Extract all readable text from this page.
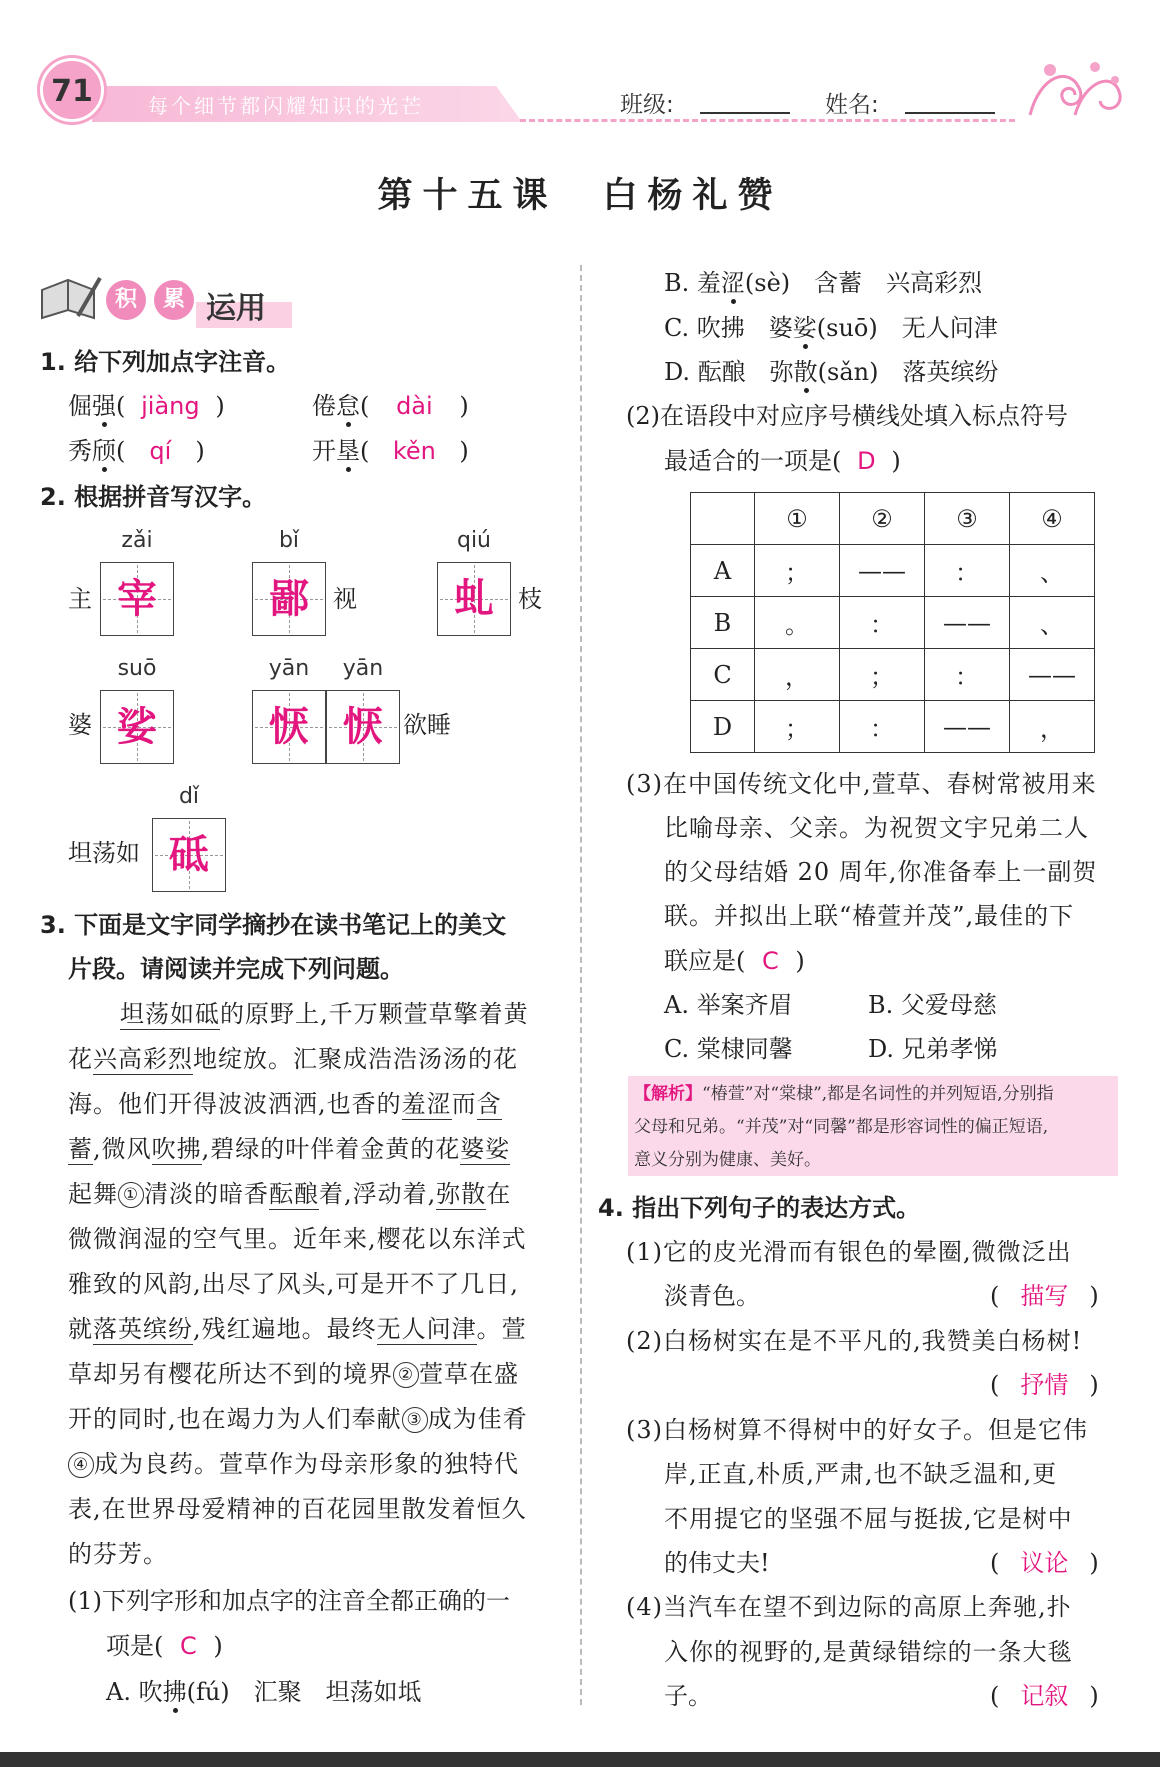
71	每个细节都闪耀知识的光芒	班级:	姓名:
第十五课　白杨礼赞
积	累 运用
1. 给下列加点字注音。
倔强( jiàng )	倦怠( dài )
秀颀( qí )	开垦( kěn )
2. 根据拼音写汉字。
主
zǎi
宰
bǐ
鄙	视
qiú
虬	枝
婆
suō
娑
yān	yān
恹 恹 欲睡
坦荡如
dǐ
砥
3. 下面是文宇同学摘抄在读书笔记上的美文
片段。请阅读并完成下列问题。
坦荡如砥的原野上,千万颗萱草擎着黄
花兴高彩烈地绽放。汇聚成浩浩汤汤的花
海。他们开得波波洒洒,也香的羞涩而含
蓄,微风吹拂,碧绿的叶伴着金黄的花婆娑
起舞 ① 清淡的暗香酝酿着,浮动着,弥散在
微微润湿的空气里。近年来,樱花以东洋式
雅致的风韵,出尽了风头,可是开不了几日,
就落英缤纷,残红遍地。最终无人问津。萱
草却另有樱花所达不到的境界 ② 萱草在盛
开的同时,也在竭力为人们奉献 ③ 成为佳肴
④ 成为良药。萱草作为母亲形象的独特代
表,在世界母爱精神的百花园里散发着恒久
的芬芳。
(1)下列字形和加点字的注音全都正确的一
项是( C )
A. 吹拂(fú)　汇聚　坦荡如坻
B. 羞涩(sè)　含蓄　兴高彩烈
C. 吹拂　婆娑(suō)　无人问津
D. 酝酿　弥散(sǎn)　落英缤纷
(2)在语段中对应序号横线处填入标点符号
最适合的一项是( D )
	①	②	③	④
A	；	——	：	、
B	。	：	——	、
C	，	；	：	——
D	；	：	——	，
(3)在中国传统文化中,萱草、春树常被用来
比喻母亲、父亲。为祝贺文宇兄弟二人
的父母结婚 20 周年,你准备奉上一副贺
联。并拟出上联“椿萱并茂”,最佳的下
联应是( C )
A. 举案齐眉	B. 父爱母慈
C. 棠棣同馨	D. 兄弟孝悌
【解析】“椿萱”对“棠棣”,都是名词性的并列短语,分别指
父母和兄弟。“并茂”对“同馨”都是形容词性的偏正短语,
意义分别为健康、美好。
4. 指出下列句子的表达方式。
(1)它的皮光滑而有银色的晕圈,微微泛出
淡青色。	( 描写 )
(2)白杨树实在是不平凡的,我赞美白杨树!
( 抒情 )
(3)白杨树算不得树中的好女子。但是它伟
岸,正直,朴质,严肃,也不缺乏温和,更
不用提它的坚强不屈与挺拔,它是树中
的伟丈夫!	( 议论 )
(4)当汽车在望不到边际的高原上奔驰,扑
入你的视野的,是黄绿错综的一条大毯
子。	( 记叙 )
